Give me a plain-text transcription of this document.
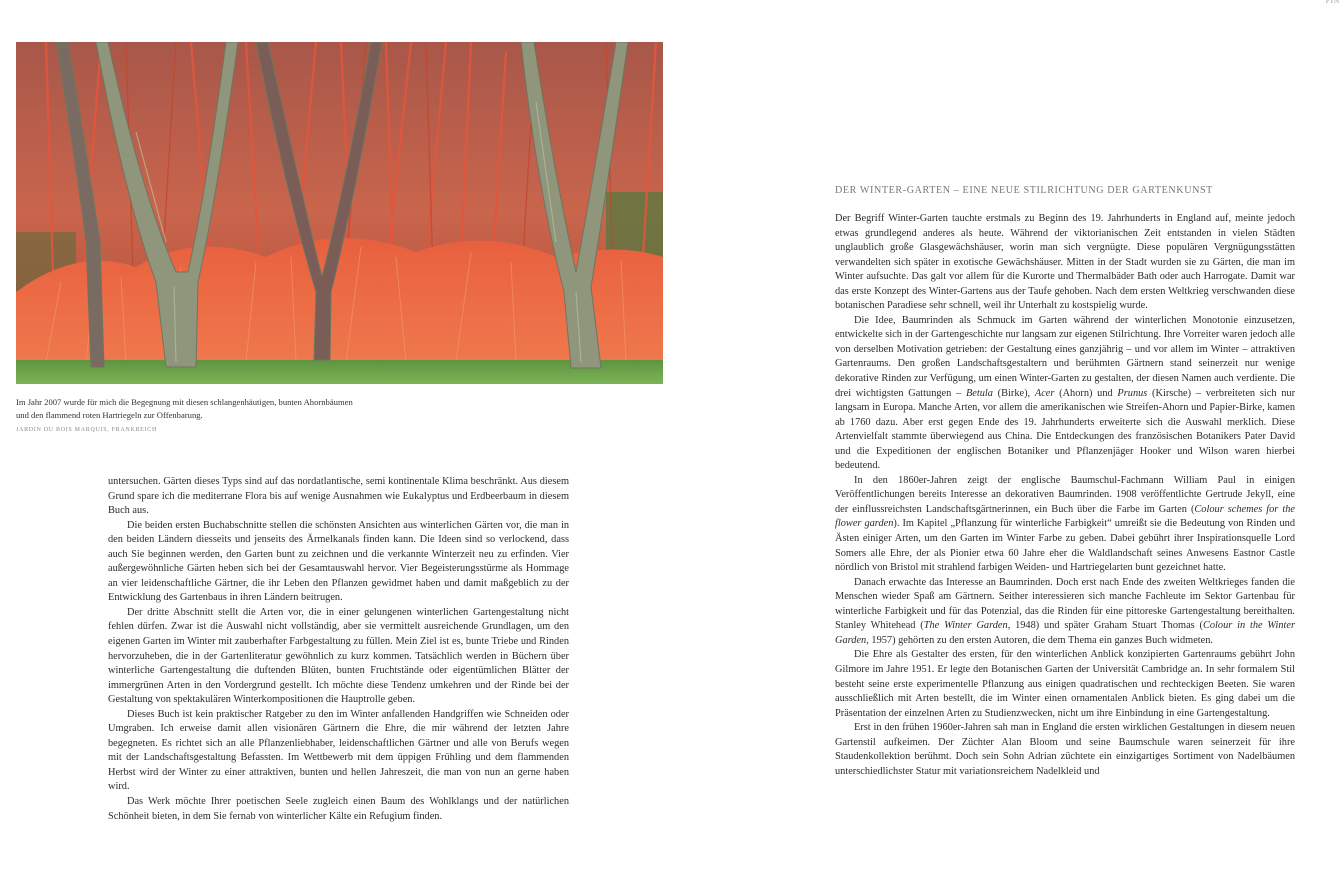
FIN
Im Jahr 2007 wurde für mich die Begegnung mit diesen schlangenhäutigen, bunten Ahornbäumen und den flammend roten Hartriegeln zur Offenbarung.
JARDIN DU BOIS MARQUIS, FRANKREICH

untersuchen. Gärten dieses Typs sind auf das nordatlantische, semi kontinentale Klima beschränkt. Aus diesem Grund spare ich die mediterrane Flora bis auf wenige Ausnahmen wie Eukalyptus und Erdbeerbaum in diesem Buch aus.

Die beiden ersten Buchabschnitte stellen die schönsten Ansichten aus winterlichen Gärten vor, die man in den beiden Ländern diesseits und jenseits des Ärmelkanals finden kann. Die Ideen sind so verlockend, dass auch Sie beginnen werden, den Garten bunt zu zeichnen und die verkannte Winterzeit neu zu erfinden. Vier außergewöhnliche Gärten heben sich bei der Gesamtauswahl hervor. Vier Begeisterungsstürme als Hommage an vier leidenschaftliche Gärtner, die ihr Leben den Pflanzen gewidmet haben und damit maßgeblich zu der Entwicklung des Gartenbaus in ihren Ländern beitrugen.

Der dritte Abschnitt stellt die Arten vor, die in einer gelungenen winterlichen Gartengestaltung nicht fehlen dürfen. Zwar ist die Auswahl nicht vollständig, aber sie vermittelt ausreichende Grundlagen, um den eigenen Garten im Winter mit zauberhafter Farbgestaltung zu füllen. Mein Ziel ist es, bunte Triebe und Rinden hervorzuheben, die in der Gartenliteratur gewöhnlich zu kurz kommen. Tatsächlich werden in Büchern über winterliche Gartengestaltung die duftenden Blüten, bunten Fruchtstände oder eigentümlichen Blätter der immergrünen Arten in den Vordergrund gestellt. Ich möchte diese Tendenz umkehren und der Rinde bei der Gestaltung von spektakulären Winterkompositionen die Hauptrolle geben.

Dieses Buch ist kein praktischer Ratgeber zu den im Winter anfallenden Handgriffen wie Schneiden oder Umgraben. Ich erweise damit allen visionären Gärtnern die Ehre, die mir während der letzten Jahre begegneten. Es richtet sich an alle Pflanzenliebhaber, leidenschaftlichen Gärtner und alle von Berufs wegen mit der Landschaftsgestaltung Befassten. Im Wettbewerb mit dem üppigen Frühling und dem flammenden Herbst wird der Winter zu einer attraktiven, bunten und hellen Jahreszeit, die man von nun an gerne haben wird.

Das Werk möchte Ihrer poetischen Seele zugleich einen Baum des Wohlklangs und der natürlichen Schönheit bieten, in dem Sie fernab von winterlicher Kälte ein Refugium finden.

DER WINTER-GARTEN – EINE NEUE STILRICHTUNG DER GARTENKUNST

Der Begriff Winter-Garten tauchte erstmals zu Beginn des 19. Jahrhunderts in England auf, meinte jedoch etwas grundlegend anderes als heute. Während der viktorianischen Zeit entstanden in vielen Städten unglaublich große Glasgewächshäuser, worin man sich vergnügte. Diese populären Vergnügungsstätten verwandelten sich später in exotische Gewächshäuser. Mitten in der Stadt wurden sie zu Gärten, die man im Winter aufsuchte. Das galt vor allem für die Kurorte und Thermalbäder Bath oder auch Harrogate. Damit war das erste Konzept des Winter-Gartens aus der Taufe gehoben. Nach dem ersten Weltkrieg verschwanden diese botanischen Paradiese sehr schnell, weil ihr Unterhalt zu kostspielig wurde.

Die Idee, Baumrinden als Schmuck im Garten während der winterlichen Monotonie einzusetzen, entwickelte sich in der Gartengeschichte nur langsam zur eigenen Stilrichtung. Ihre Vorreiter waren jedoch alle von derselben Motivation getrieben: der Gestaltung eines ganzjährig – und vor allem im Winter – attraktiven Gartenraums. Den großen Landschaftsgestaltern und berühmten Gärtnern stand seinerzeit nur wenige dekorative Rinden zur Verfügung, um einen Winter-Garten zu gestalten, der diesen Namen auch verdiente. Die drei wichtigsten Gattungen – Betula (Birke), Acer (Ahorn) und Prunus (Kirsche) – verbreiteten sich nur langsam in Europa. Manche Arten, vor allem die amerikanischen wie Streifen-Ahorn und Papier-Birke, kamen ab 1760 dazu. Aber erst gegen Ende des 19. Jahrhunderts erweiterte sich die Auswahl merklich. Diese Artenvielfalt stammte überwiegend aus China. Die Entdeckungen des französischen Botanikers Pater David und die Expeditionen der englischen Botaniker und Pflanzenjäger Hooker und Wilson waren hierbei bedeutend.

In den 1860er-Jahren zeigt der englische Baumschul-Fachmann William Paul in einigen Veröffentlichungen bereits Interesse an dekorativen Baumrinden. 1908 veröffentlichte Gertrude Jekyll, eine der einflussreichsten Landschaftsgärtnerinnen, ein Buch über die Farbe im Garten (Colour schemes for the flower garden). Im Kapitel „Pflanzung für winterliche Farbigkeit“ umreißt sie die Bedeutung von Rinden und Ästen einiger Arten, um den Garten im Winter Farbe zu geben. Dabei gebührt ihrer Inspirationsquelle Lord Somers alle Ehre, der als Pionier etwa 60 Jahre eher die Waldlandschaft seines Anwesens Eastnor Castle nördlich von Bristol mit strahlend farbigen Weiden- und Hartriegelarten bunt gezeichnet hatte.

Danach erwachte das Interesse an Baumrinden. Doch erst nach Ende des zweiten Weltkrieges fanden die Menschen wieder Spaß am Gärtnern. Seither interessieren sich manche Fachleute im Sektor Gartenbau für winterliche Farbigkeit und für das Potenzial, das die Rinden für eine pittoreske Gartengestaltung bereithalten. Stanley Whitehead (The Winter Garden, 1948) und später Graham Stuart Thomas (Colour in the Winter Garden, 1957) gehörten zu den ersten Autoren, die dem Thema ein ganzes Buch widmeten.

Die Ehre als Gestalter des ersten, für den winterlichen Anblick konzipierten Gartenraums gebührt John Gilmore im Jahre 1951. Er legte den Botanischen Garten der Universität Cambridge an. In sehr formalem Stil besteht seine erste experimentelle Pflanzung aus einigen quadratischen und rechteckigen Beeten. Sie waren ausschließlich mit Arten bestellt, die im Winter einen ornamentalen Anblick bieten. Es ging dabei um die Präsentation der einzelnen Arten zu Studienzwecken, nicht um ihre Einbindung in eine Gartengestaltung.

Erst in den frühen 1960er-Jahren sah man in England die ersten wirklichen Gestaltungen in diesem neuen Gartenstil aufkeimen. Der Züchter Alan Bloom und seine Baumschule waren seinerzeit für ihre Staudenkollektion berühmt. Doch sein Sohn Adrian züchtete ein einzigartiges Sortiment von Nadelbäumen unterschiedlichster Statur mit variationsreichem Nadelkleid und
